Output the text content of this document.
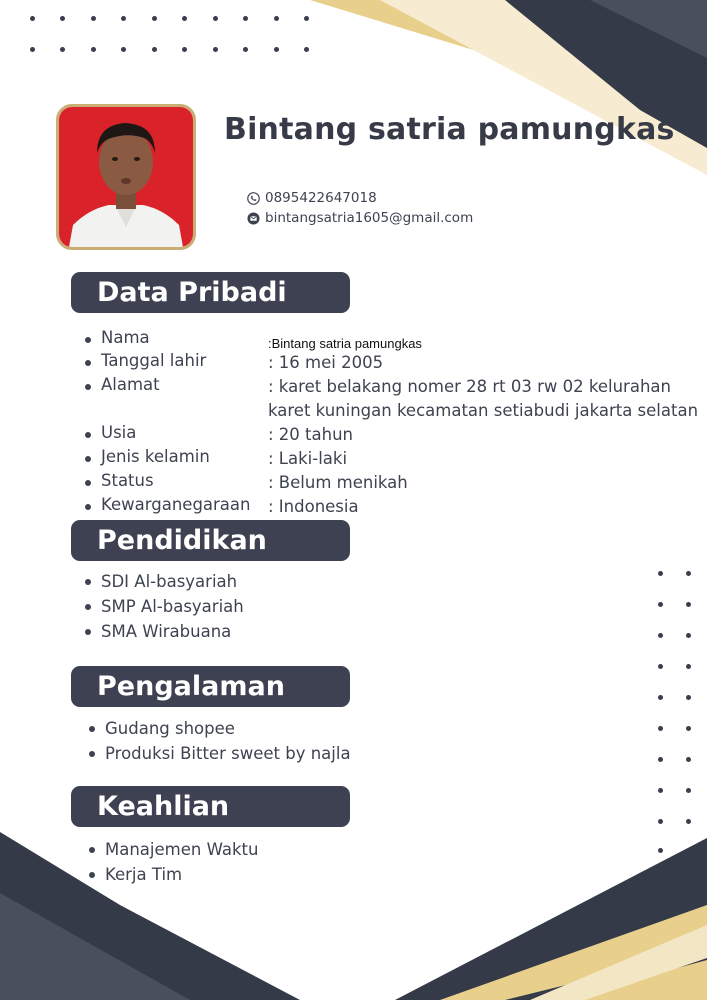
Bintang satria pamungkas
0895422647018
bintangsatria1605@gmail.com
Data Pribadi
Nama	:Bintang satria pamungkas
Tanggal lahir	: 16 mei 2005
Alamat	: karet belakang nomer 28 rt 03 rw 02 kelurahan karet kuningan kecamatan setiabudi jakarta selatan
Usia	: 20 tahun
Jenis kelamin	: Laki-laki
Status	: Belum menikah
Kewarganegaraan : Indonesia
Pendidikan
SDI Al-basyariah
SMP Al-basyariah
SMA Wirabuana
Pengalaman
Gudang shopee
Produksi Bitter sweet by najla
Keahlian
Manajemen Waktu
Kerja Tim
